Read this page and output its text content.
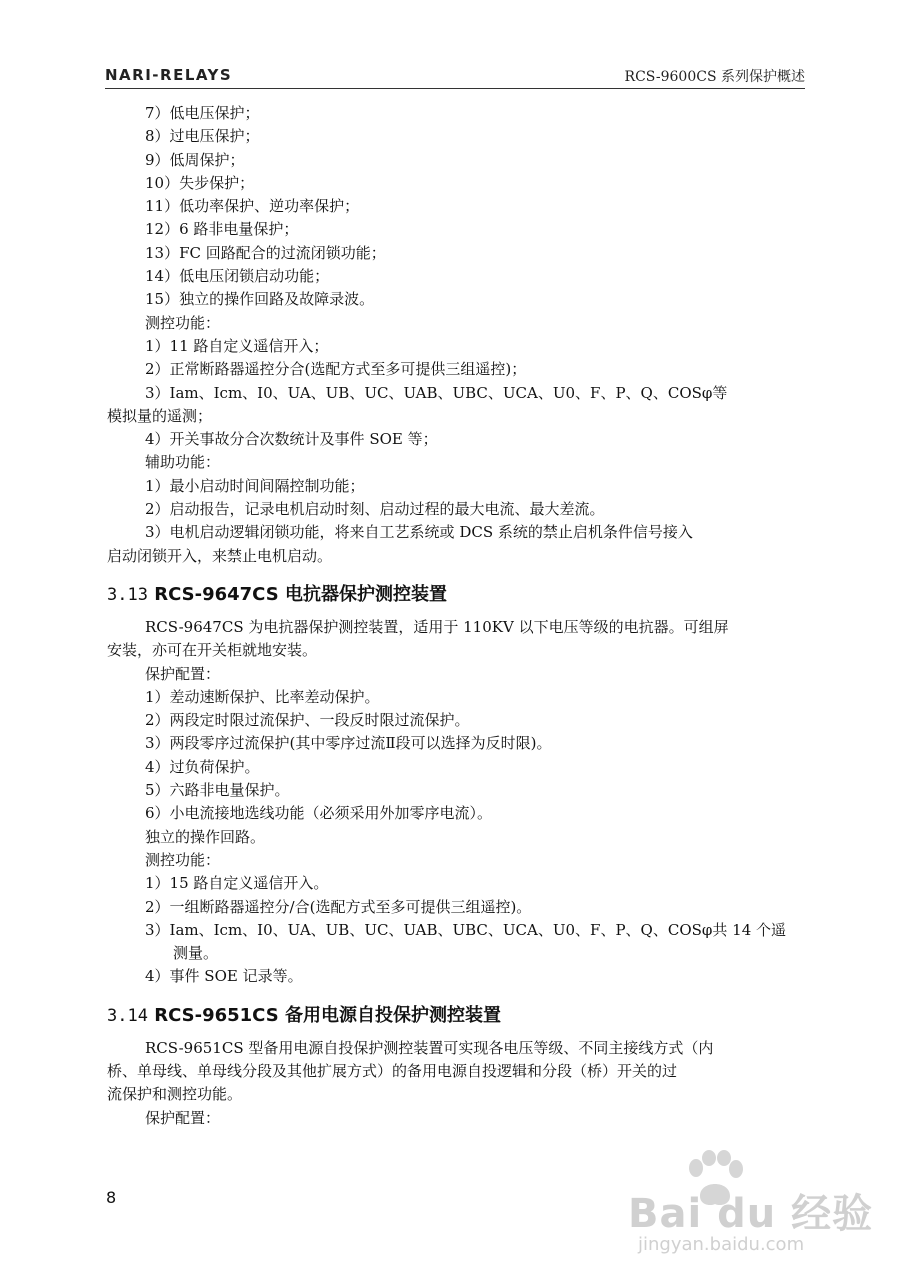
NARI-RELAYS	RCS-9600CS 系列保护概述
7）低电压保护；
8）过电压保护；
9）低周保护；
10）失步保护；
11）低功率保护、逆功率保护；
12）6 路非电量保护；
13）FC 回路配合的过流闭锁功能；
14）低电压闭锁启动功能；
15）独立的操作回路及故障录波。
测控功能：
1）11 路自定义遥信开入；
2）正常断路器遥控分合(选配方式至多可提供三组遥控)；
3）Iam、Icm、I0、UA、UB、UC、UAB、UBC、UCA、U0、F、P、Q、COSφ等
模拟量的遥测；
4）开关事故分合次数统计及事件 SOE 等；
辅助功能：
1）最小启动时间间隔控制功能；
2）启动报告，记录电机启动时刻、启动过程的最大电流、最大差流。
3）电机启动逻辑闭锁功能，将来自工艺系统或 DCS 系统的禁止启机条件信号接入
启动闭锁开入，来禁止电机启动。
3.13 RCS-9647CS 电抗器保护测控装置
RCS-9647CS 为电抗器保护测控装置，适用于 110KV 以下电压等级的电抗器。可组屏
安装，亦可在开关柜就地安装。
保护配置：
1）差动速断保护、比率差动保护。
2）两段定时限过流保护、一段反时限过流保护。
3）两段零序过流保护(其中零序过流Ⅱ段可以选择为反时限)。
4）过负荷保护。
5）六路非电量保护。
6）小电流接地选线功能（必须采用外加零序电流）。
独立的操作回路。
测控功能：
1）15 路自定义遥信开入。
2）一组断路器遥控分/合(选配方式至多可提供三组遥控)。
3）Iam、Icm、I0、UA、UB、UC、UAB、UBC、UCA、U0、F、P、Q、COSφ共 14 个遥
测量。
4）事件 SOE 记录等。
3.14 RCS-9651CS 备用电源自投保护测控装置
RCS-9651CS 型备用电源自投保护测控装置可实现各电压等级、不同主接线方式（内
桥、单母线、单母线分段及其他扩展方式）的备用电源自投逻辑和分段（桥）开关的过
流保护和测控功能。
保护配置：
8	Bai du 经验
jingyan.baidu.com
